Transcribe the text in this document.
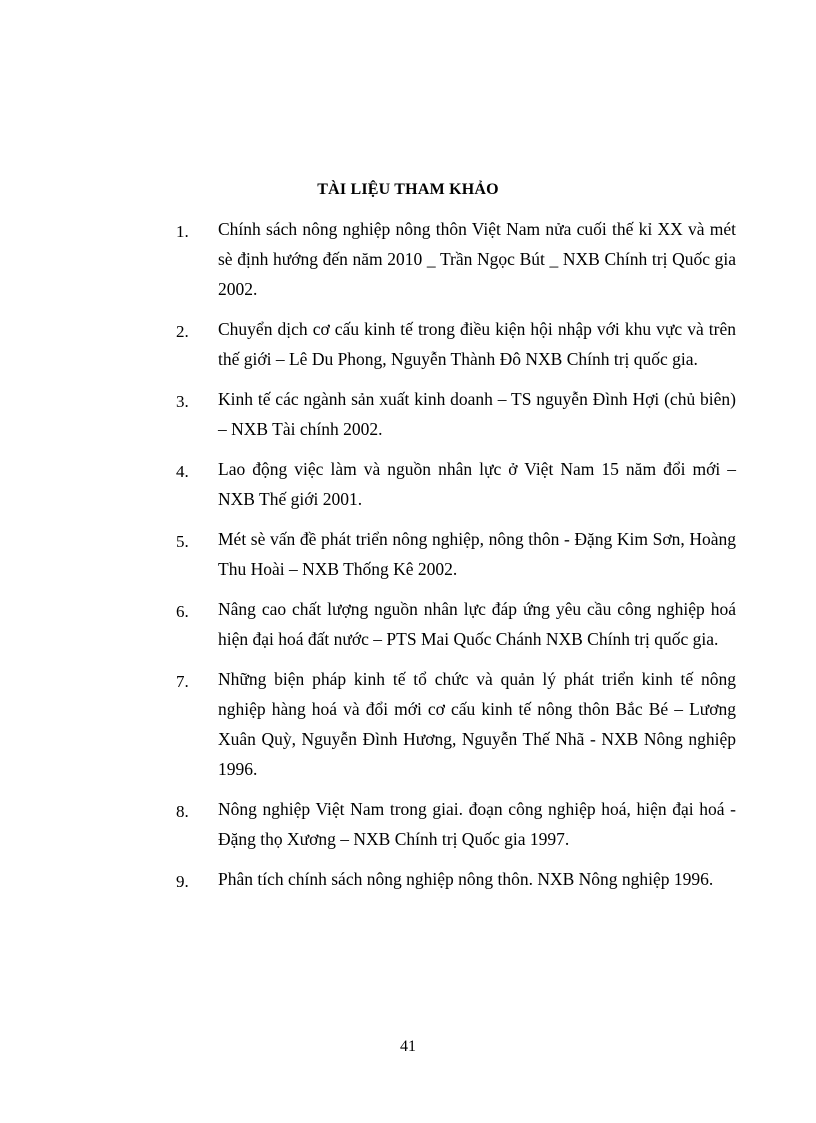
TÀI LIỆU THAM KHẢO
1.	Chính sách nông nghiệp nông thôn Việt Nam nửa cuối thế kỉ XX và mét sè định hướng đến năm 2010 _ Trần Ngọc Bút _ NXB Chính trị Quốc gia 2002.
2.	Chuyển dịch cơ cấu kinh tế trong điều kiện hội nhập với khu vực và trên thế giới – Lê Du Phong, Nguyễn Thành Đô NXB Chính trị quốc gia.
3.	Kinh tế các ngành sản xuất kinh doanh – TS nguyễn Đình Hợi (chủ biên) – NXB Tài chính 2002.
4.	Lao động việc làm và nguồn nhân lực ở Việt Nam 15 năm đổi mới – NXB Thế giới 2001.
5.	Mét sè vấn đề phát triển nông nghiệp, nông thôn - Đặng Kim Sơn, Hoàng Thu Hoài – NXB Thống Kê 2002.
6.	Nâng cao chất lượng nguồn nhân lực đáp ứng yêu cầu công nghiệp hoá hiện đại hoá đất nước – PTS Mai Quốc Chánh NXB Chính trị quốc gia.
7.	Những biện pháp kinh tế tổ chức và quản lý phát triển kinh tế nông nghiệp hàng hoá và đổi mới cơ cấu kinh tế nông thôn Bắc Bé – Lương Xuân Quỳ, Nguyễn Đình Hương, Nguyễn Thế Nhã - NXB Nông nghiệp 1996.
8.	Nông nghiệp Việt Nam trong giai. đoạn công nghiệp hoá, hiện đại hoá - Đặng thọ Xương – NXB Chính trị Quốc gia 1997.
9.	Phân tích chính sách nông nghiệp nông thôn. NXB Nông nghiệp 1996.
41
